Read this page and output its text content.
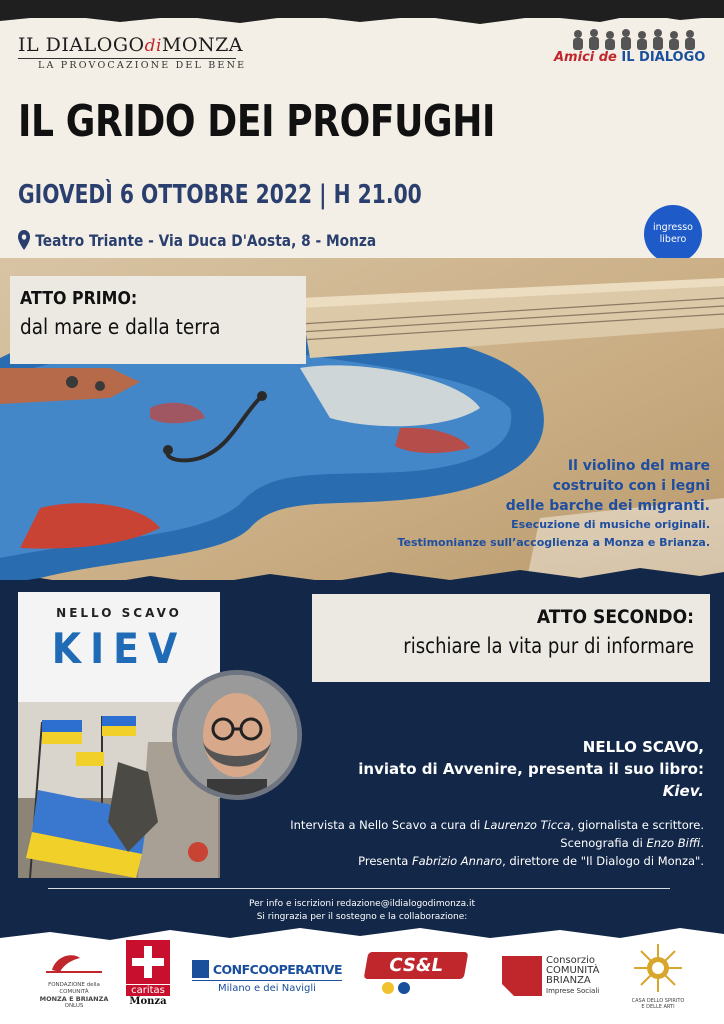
IL DIALOGOdiMONZA
LA PROVOCAZIONE DEL BENE
Amici de IL DIALOGO
IL GRIDO DEI PROFUGHI
GIOVEDÌ 6 OTTOBRE 2022 | H 21.00
Teatro Triante - Via Duca D'Aosta, 8 - Monza
ingresso
libero
ATTO PRIMO:
dal mare e dalla terra
Il violino del mare
costruito con i legni
delle barche dei migranti.
Esecuzione di musiche originali.
Testimonianze sull’accoglienza a Monza e Brianza.
NELLO SCAVO
KIEV
ATTO SECONDO:
rischiare la vita pur di informare
NELLO SCAVO,
inviato di Avvenire, presenta il suo libro:
Kiev.
Intervista a Nello Scavo a cura di Laurenzo Ticca, giornalista e scrittore.
Scenografia di Enzo Biffi.
Presenta Fabrizio Annaro, direttore de "Il Dialogo di Monza".
Per info e iscrizioni redazione@ildialogodimonza.it
Si ringrazia per il sostegno e la collaborazione:
FONDAZIONE della COMUNITÀ
MONZA E BRIANZA
ONLUS
caritas
Monza
CONFCOOPERATIVE
Milano e dei Navigli
CS&L	Consorzio
COMUNITÀ
BRIANZA
Imprese Sociali
CASA DELLO SPIRITO
E DELLE ARTI
